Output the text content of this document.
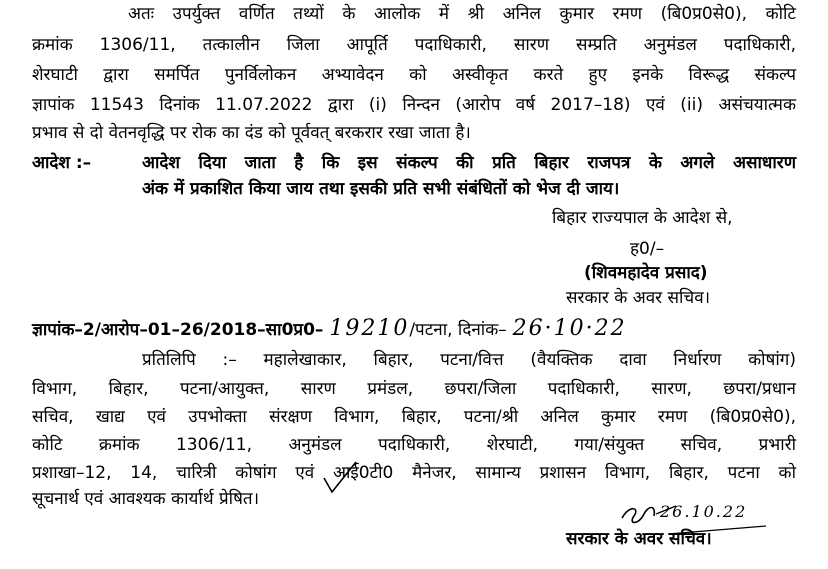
अतः उपर्युक्त वर्णित तथ्यों के आलोक में श्री अनिल कुमार रमण (बि0प्र0से0), कोटि
क्रमांक 1306/11, तत्कालीन जिला आपूर्ति पदाधिकारी, सारण सम्प्रति अनुमंडल पदाधिकारी,
शेरघाटी द्वारा समर्पित पुनर्विलोकन अभ्यावेदन को अस्वीकृत करते हुए इनके विरूद्ध संकल्प
ज्ञापांक 11543 दिनांक 11.07.2022 द्वारा (i) निन्दन (आरोप वर्ष 2017–18) एवं (ii) असंचयात्मक
प्रभाव से दो वेतनवृद्धि पर रोक का दंड को पूर्ववत् बरकरार रखा जाता है।
आदेश :–	आदेश दिया जाता है कि इस संकल्प की प्रति बिहार राजपत्र के अगले असाधारण
अंक में प्रकाशित किया जाय तथा इसकी प्रति सभी संबंधितों को भेज दी जाय।
बिहार राज्यपाल के आदेश से,
ह0/–
(शिवमहादेव प्रसाद)
सरकार के अवर सचिव।
ज्ञापांक–2/आरोप–01–26/2018–सा0प्र0– 19210/पटना, दिनांक– 26·10·22
प्रतिलिपि :– महालेखाकार, बिहार, पटना/वित्त (वैयक्तिक दावा निर्धारण कोषांग)
विभाग, बिहार, पटना/आयुक्त, सारण प्रमंडल, छपरा/जिला पदाधिकारी, सारण, छपरा/प्रधान
सचिव, खाद्य एवं उपभोक्ता संरक्षण विभाग, बिहार, पटना/श्री अनिल कुमार रमण (बि0प्र0से0),
कोटि क्रमांक 1306/11, अनुमंडल पदाधिकारी, शेरघाटी, गया/संयुक्त सचिव, प्रभारी
प्रशाखा–12, 14, चारित्री कोषांग एवं आई0टी0 मैनेजर, सामान्य प्रशासन विभाग, बिहार, पटना को
सूचनार्थ एवं आवश्यक कार्यार्थ प्रेषित।
26.10.22
सरकार के अवर सचिव।
